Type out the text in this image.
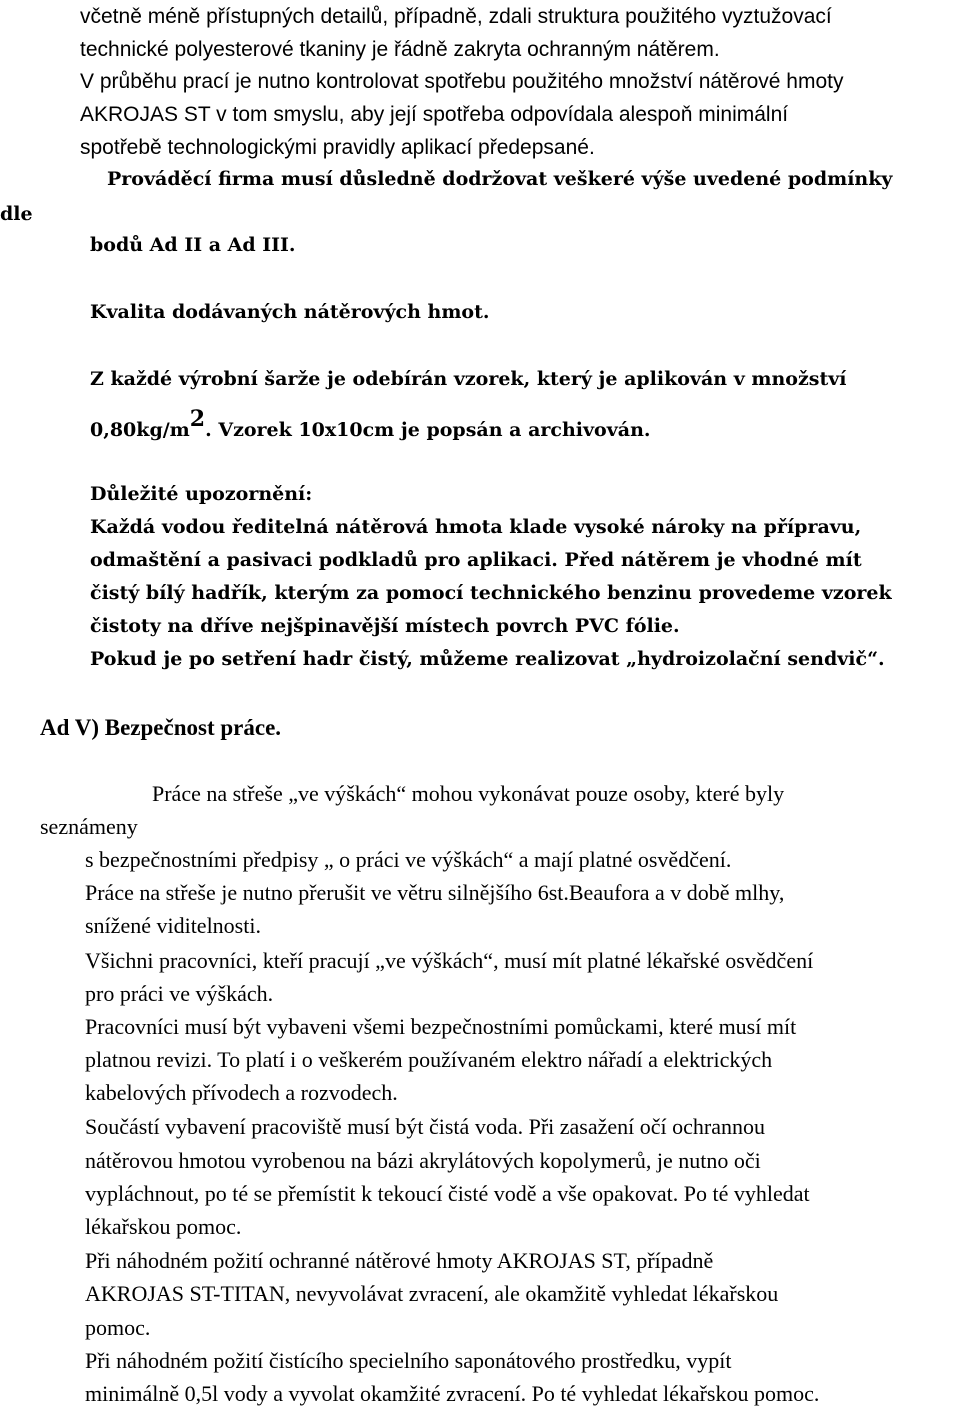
včetně méně přístupných detailů, případně, zdali struktura použitého vyztužovací
technické polyesterové tkaniny je řádně zakryta ochranným nátěrem.
V průběhu prací je nutno kontrolovat spotřebu použitého množství nátěrové hmoty
AKROJAS ST v tom smyslu, aby její spotřeba odpovídala alespoň minimální
spotřebě technologickými pravidly aplikací předepsané.
dle
Prováděcí firma musí důsledně dodržovat veškeré výše uvedené podmínky
bodů Ad II a Ad III.
Kvalita dodávaných nátěrových hmot.
Z každé výrobní šarže je odebírán vzorek, který je aplikován v množství
0,80kg/m2. Vzorek 10x10cm je popsán a archivován.
Důležité upozornění:
Každá vodou ředitelná nátěrová hmota klade vysoké nároky na přípravu,
odmaštění a pasivaci podkladů pro aplikaci. Před nátěrem je vhodné mít
čistý bílý hadřík, kterým za pomocí technického benzinu provedeme vzorek
čistoty na dříve nejšpinavější místech povrch PVC fólie.
Pokud je po setření hadr čistý, můžeme realizovat „hydroizolační sendvič“.
Ad V) Bezpečnost práce.
Práce na střeše „ve výškách“ mohou vykonávat pouze osoby, které byly
seznámeny
s bezpečnostními předpisy „ o práci ve výškách“ a mají platné osvědčení.
Práce na střeše je nutno přerušit ve větru silnějšího 6st.Beaufora a v době mlhy,
snížené viditelnosti.
Všichni pracovníci, kteří pracují „ve výškách“, musí mít platné lékařské osvědčení
pro práci ve výškách.
Pracovníci musí být vybaveni všemi bezpečnostními pomůckami, které musí mít
platnou revizi. To platí i o veškerém používaném elektro nářadí a elektrických
kabelových přívodech a rozvodech.
Součástí vybavení pracoviště musí být čistá voda. Při zasažení očí ochrannou
nátěrovou hmotou vyrobenou na bázi akrylátových kopolymerů, je nutno oči
vypláchnout, po té se přemístit k tekoucí čisté vodě a vše opakovat. Po té vyhledat
lékařskou pomoc.
Při náhodném požití ochranné nátěrové hmoty AKROJAS ST, případně
AKROJAS ST-TITAN, nevyvolávat zvracení, ale okamžitě vyhledat lékařskou
pomoc.
Při náhodném požití čistícího specielního saponátového prostředku, vypít
minimálně 0,5l vody a vyvolat okamžité zvracení. Po té vyhledat lékařskou pomoc.
